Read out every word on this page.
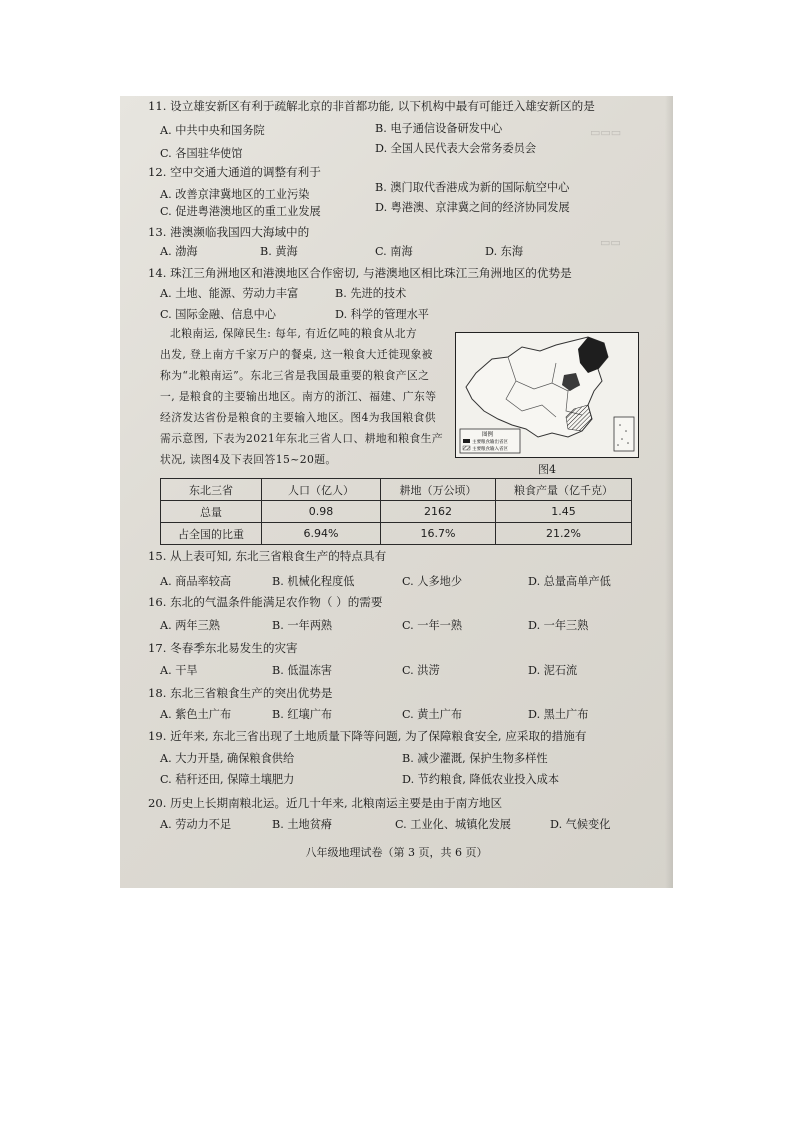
▭▭▭
▭▭
11. 设立雄安新区有利于疏解北京的非首都功能, 以下机构中最有可能迁入雄安新区的是
A. 中共中央和国务院	B. 电子通信设备研发中心
C. 各国驻华使馆	D. 全国人民代表大会常务委员会
12. 空中交通大通道的调整有利于
A. 改善京津冀地区的工业污染
B. 澳门取代香港成为新的国际航空中心
C. 促进粤港澳地区的重工业发展	D. 粤港澳、京津冀之间的经济协同发展
13. 港澳濒临我国四大海域中的
A. 渤海	B. 黄海	C. 南海	D. 东海
14. 珠江三角洲地区和港澳地区合作密切, 与港澳地区相比珠江三角洲地区的优势是
A. 土地、能源、劳动力丰富	B. 先进的技术
C. 国际金融、信息中心	D. 科学的管理水平
北粮南运, 保障民生: 每年, 有近亿吨的粮食从北方
出发, 登上南方千家万户的餐桌, 这一粮食大迁徙现象被
称为“北粮南运”。东北三省是我国最重要的粮食产区之
一, 是粮食的主要输出地区。南方的浙江、福建、广东等
经济发达省份是粮食的主要输入地区。图4为我国粮食供
需示意图, 下表为2021年东北三省人口、耕地和粮食生产
状况, 读图4及下表回答15~20题。
图例
主要粮食输出省区
主要粮食输入省区
图4
东北三省	人口（亿人）	耕地（万公顷）	粮食产量（亿千克）
总量	0.98	2162	1.45
占全国的比重	6.94%	16.7%	21.2%
15. 从上表可知, 东北三省粮食生产的特点具有
A. 商品率较高	B. 机械化程度低	C. 人多地少	D. 总量高单产低
16. 东北的气温条件能满足农作物（ ）的需要
A. 两年三熟	B. 一年两熟	C. 一年一熟	D. 一年三熟
17. 冬春季东北易发生的灾害
A. 干旱	B. 低温冻害	C. 洪涝	D. 泥石流
18. 东北三省粮食生产的突出优势是
A. 紫色土广布	B. 红壤广布	C. 黄土广布	D. 黑土广布
19. 近年来, 东北三省出现了土地质量下降等问题, 为了保障粮食安全, 应采取的措施有
A. 大力开垦, 确保粮食供给	B. 减少灌溉, 保护生物多样性
C. 秸秆还田, 保障土壤肥力	D. 节约粮食, 降低农业投入成本
20. 历史上长期南粮北运。近几十年来, 北粮南运主要是由于南方地区
A. 劳动力不足	B. 土地贫瘠	C. 工业化、城镇化发展	D. 气候变化
八年级地理试卷（第 3 页，共 6 页）
